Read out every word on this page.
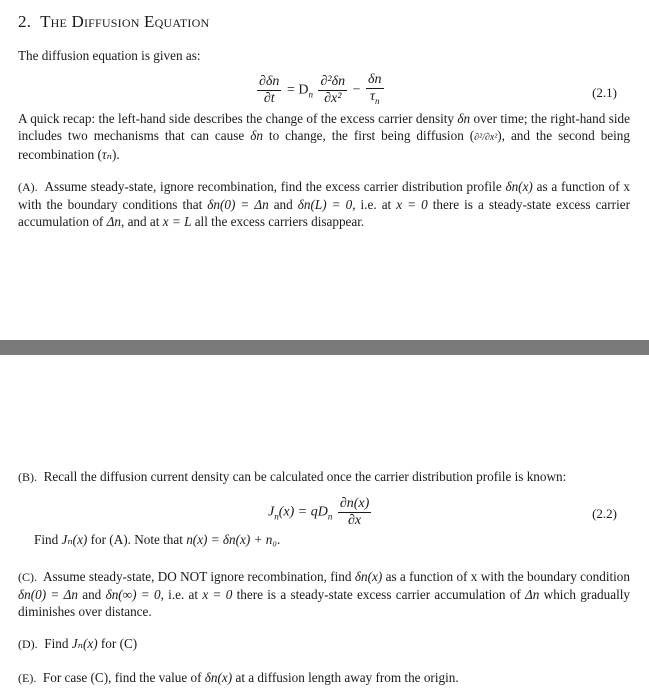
2. The Diffusion Equation
The diffusion equation is given as:
$\frac{\partial\delta n}{\partial t} = D_n \frac{\text{∂²δn}}{\text{∂x²}} - \frac{\delta n}{\tau_n}$	(2.1)
A quick recap: the left-hand side describes the change of the excess carrier density δn over time; the right-hand side includes two mechanisms that can cause δn to change, the first being diffusion (∂²/∂x²), and the second being recombination (τₙ).
(A). Assume steady-state, ignore recombination, find the excess carrier distribution profile δn(x) as a function of x with the boundary conditions that δn(0) = Δn and δn(L) = 0, i.e. at x = 0 there is a steady-state excess carrier accumulation of Δn, and at x = L all the excess carriers disappear.
(B). Recall the diffusion current density can be calculated once the carrier distribution profile is known:
$J_n(x) = qD_n \frac{\partial n(x)}{\partial x}$	(2.2)
Find Jₙ(x) for (A). Note that n(x) = δn(x) + n₀.
(C). Assume steady-state, DO NOT ignore recombination, find δn(x) as a function of x with the boundary condition δn(0) = Δn and δn(∞) = 0, i.e. at x = 0 there is a steady-state excess carrier accumulation of Δn which gradually diminishes over distance.
(D). Find Jₙ(x) for (C)
(E). For case (C), find the value of δn(x) at a diffusion length away from the origin.
